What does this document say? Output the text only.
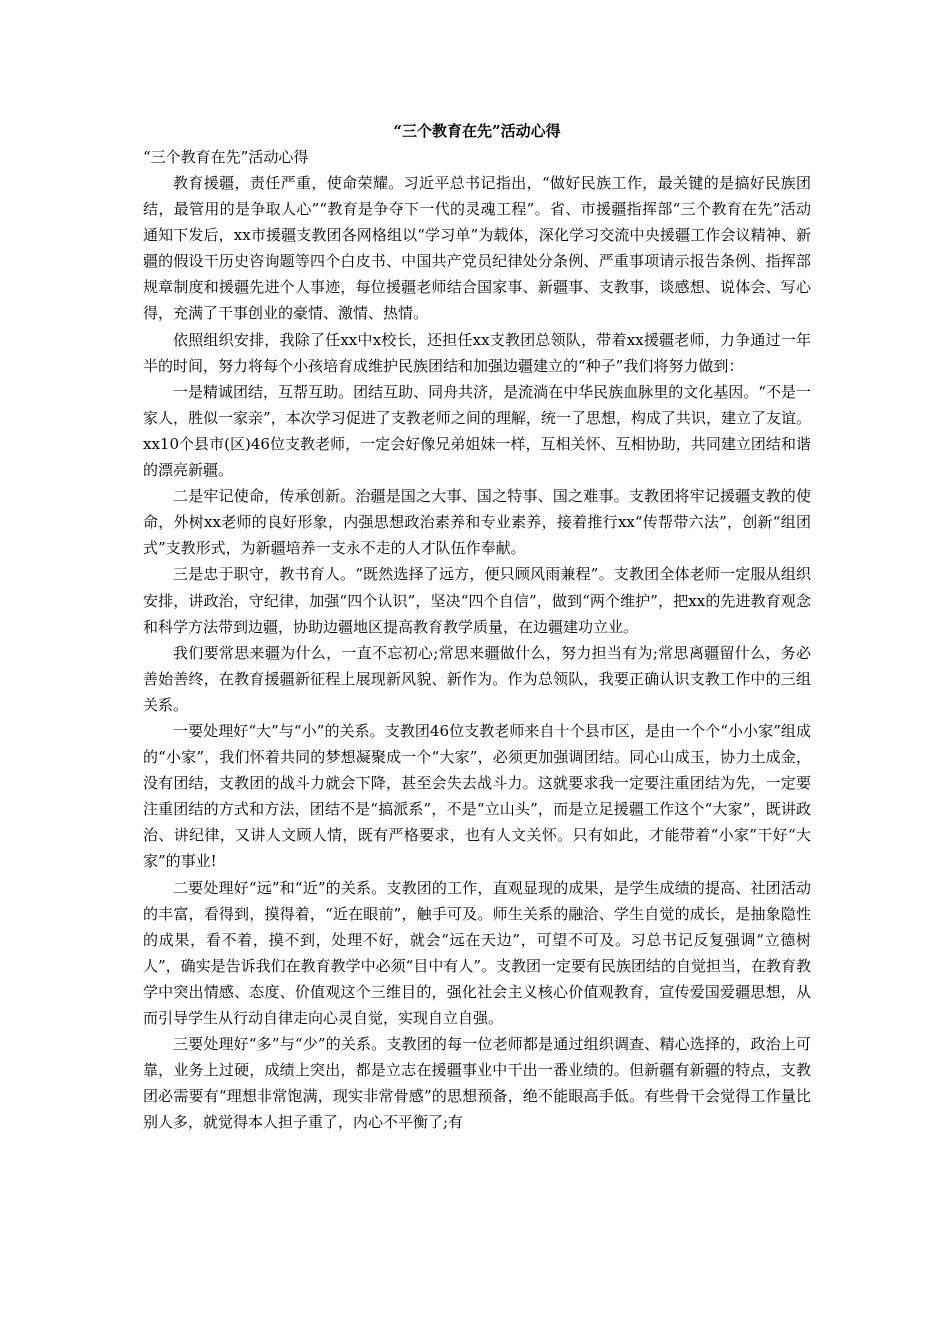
“三个教育在先”活动心得

“三个教育在先”活动心得

教育援疆，责任严重，使命荣耀。习近平总书记指出，“做好民族工作，最关键的是搞好民族团结，最管用的是争取人心”“教育是争夺下一代的灵魂工程”。省、市援疆指挥部“三个教育在先”活动通知下发后，xx市援疆支教团各网格组以“学习单”为载体，深化学习交流中央援疆工作会议精神、新疆的假设干历史咨询题等四个白皮书、中国共产党员纪律处分条例、严重事项请示报告条例、指挥部规章制度和援疆先进个人事迹，每位援疆老师结合国家事、新疆事、支教事，谈感想、说体会、写心得，充满了干事创业的豪情、激情、热情。

依照组织安排，我除了任xx中x校长，还担任xx支教团总领队，带着xx援疆老师，力争通过一年半的时间，努力将每个小孩培育成维护民族团结和加强边疆建立的“种子”我们将努力做到：

一是精诚团结，互帮互助。团结互助、同舟共济，是流淌在中华民族血脉里的文化基因。“不是一家人，胜似一家亲”，本次学习促进了支教老师之间的理解，统一了思想，构成了共识，建立了友谊。xx10个县市(区)46位支教老师，一定会好像兄弟姐妹一样，互相关怀、互相协助，共同建立团结和谐的漂亮新疆。

二是牢记使命，传承创新。治疆是国之大事、国之特事、国之难事。支教团将牢记援疆支教的使命，外树xx老师的良好形象，内强思想政治素养和专业素养，接着推行xx“传帮带六法”，创新“组团式”支教形式，为新疆培养一支永不走的人才队伍作奉献。

三是忠于职守，教书育人。“既然选择了远方，便只顾风雨兼程”。支教团全体老师一定服从组织安排，讲政治，守纪律，加强“四个认识”，坚决“四个自信”，做到“两个维护”，把xx的先进教育观念和科学方法带到边疆，协助边疆地区提高教育教学质量，在边疆建功立业。

我们要常思来疆为什么，一直不忘初心;常思来疆做什么，努力担当有为;常思离疆留什么，务必善始善终，在教育援疆新征程上展现新风貌、新作为。作为总领队，我要正确认识支教工作中的三组关系。

一要处理好“大”与“小”的关系。支教团46位支教老师来自十个县市区，是由一个个“小小家”组成的“小家”，我们怀着共同的梦想凝聚成一个“大家”，必须更加强调团结。同心山成玉，协力土成金，没有团结，支教团的战斗力就会下降，甚至会失去战斗力。这就要求我一定要注重团结为先，一定要注重团结的方式和方法，团结不是“搞派系”，不是“立山头”，而是立足援疆工作这个“大家”，既讲政治、讲纪律，又讲人文顾人情，既有严格要求，也有人文关怀。只有如此，才能带着“小家”干好“大家”的事业!

二要处理好“远”和“近”的关系。支教团的工作，直观显现的成果，是学生成绩的提高、社团活动的丰富，看得到，摸得着，“近在眼前”，触手可及。师生关系的融洽、学生自觉的成长，是抽象隐性的成果，看不着，摸不到，处理不好，就会“远在天边”，可望不可及。习总书记反复强调“立德树人”，确实是告诉我们在教育教学中必须“目中有人”。支教团一定要有民族团结的自觉担当，在教育教学中突出情感、态度、价值观这个三维目的，强化社会主义核心价值观教育，宣传爱国爱疆思想，从而引导学生从行动自律走向心灵自觉，实现自立自强。

三要处理好“多”与“少”的关系。支教团的每一位老师都是通过组织调查、精心选择的，政治上可靠，业务上过硬，成绩上突出，都是立志在援疆事业中干出一番业绩的。但新疆有新疆的特点，支教团必需要有“理想非常饱满，现实非常骨感”的思想预备，绝不能眼高手低。有些骨干会觉得工作量比别人多，就觉得本人担子重了，内心不平衡了;有
